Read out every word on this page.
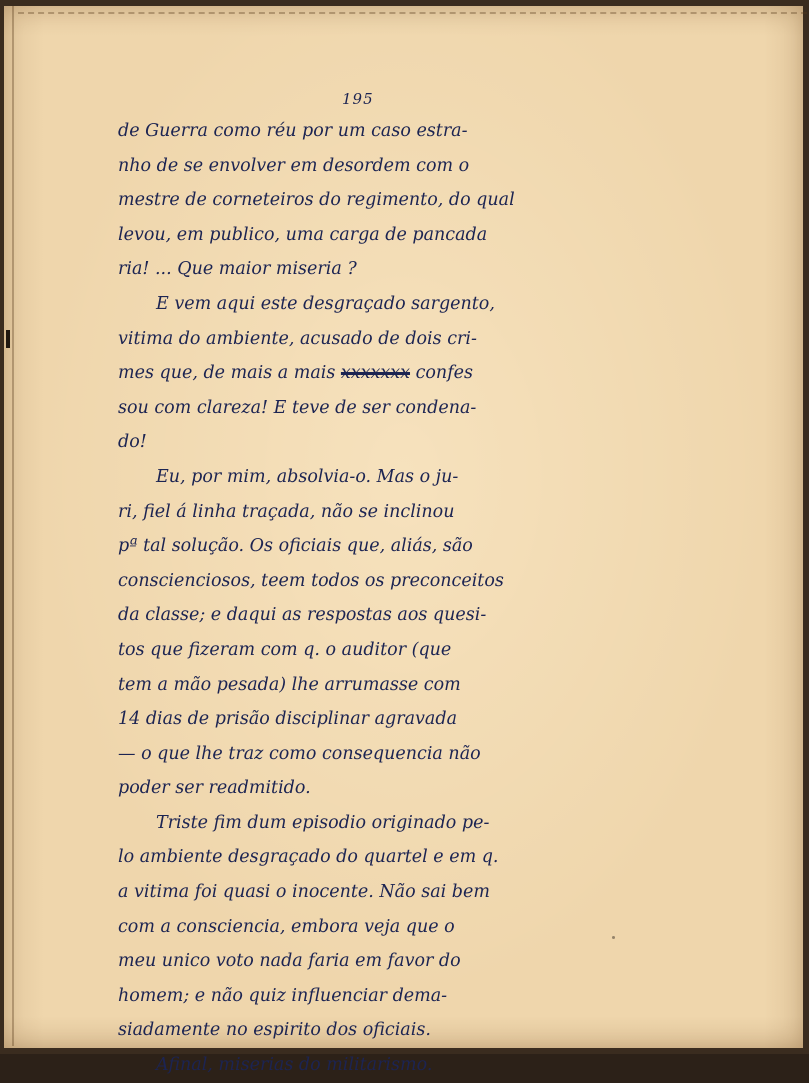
195
de Guerra como réu por um caso estra-
nho de se envolver em desordem com o
mestre de corneteiros do regimento, do qual
levou, em publico, uma carga de pancada
ria! ... Que maior miseria ?
E vem aqui este desgraçado sargento,
vitima do ambiente, acusado de dois cri-
mes que, de mais a mais xxxxxxx confes
sou com clareza! E teve de ser condena-
do!
Eu, por mim, absolvia-o. Mas o ju-
ri, fiel á linha traçada, não se inclinou
pª tal solução. Os oficiais que, aliás, são
conscienciosos, teem todos os preconceitos
da classe; e daqui as respostas aos quesi-
tos que fizeram com q. o auditor (que
tem a mão pesada) lhe arrumasse com
14 dias de prisão disciplinar agravada
— o que lhe traz como consequencia não
poder ser readmitido.
Triste fim dum episodio originado pe-
lo ambiente desgraçado do quartel e em q.
a vitima foi quasi o inocente. Não sai bem
com a consciencia, embora veja que o
meu unico voto nada faria em favor do
homem; e não quiz influenciar dema-
siadamente no espirito dos oficiais.
Afinal, miserias do militarismo.
